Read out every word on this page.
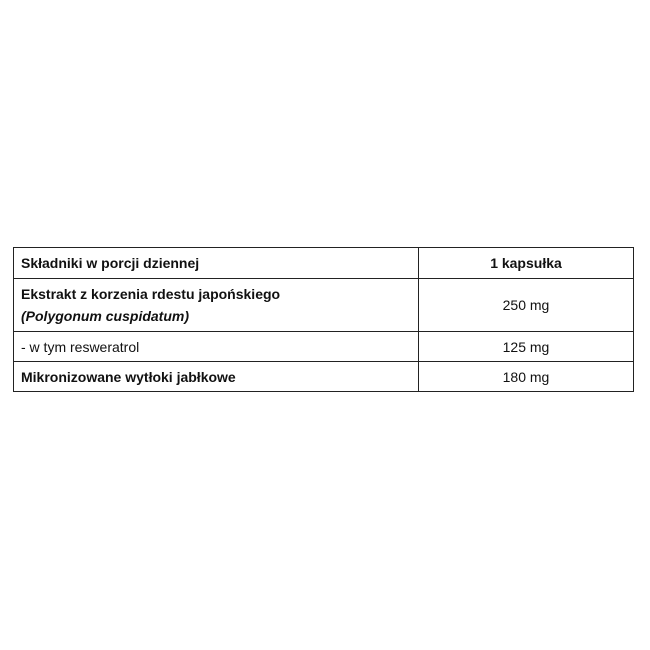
Składniki w porcji dziennej	1 kapsułka

Ekstrakt z korzenia rdestu japońskiego
(Polygonum cuspidatum)	250 mg
- w tym resweratrol	125 mg
Mikronizowane wytłoki jabłkowe	180 mg
